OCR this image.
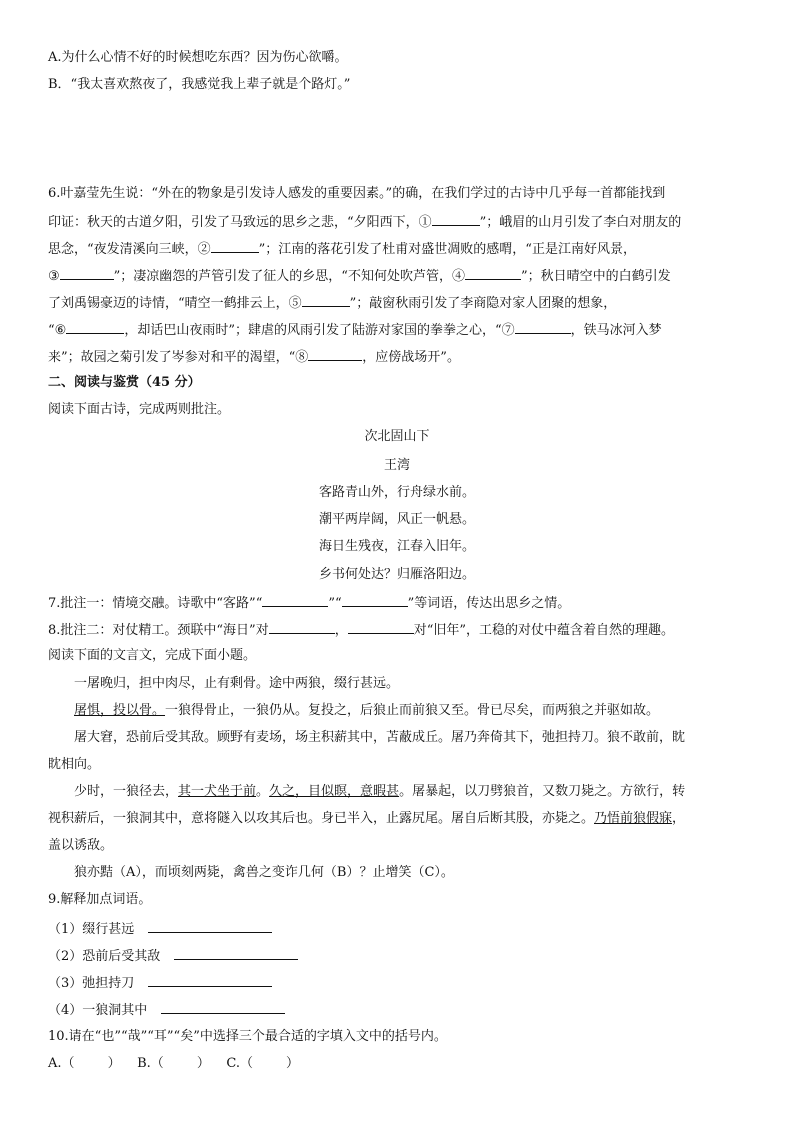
A.为什么心情不好的时候想吃东西？因为伤心欲嚼。
B．“我太喜欢熬夜了，我感觉我上辈子就是个路灯。”
6.叶嘉莹先生说：“外在的物象是引发诗人感发的重要因素。”的确，在我们学过的古诗中几乎每一首都能找到
印证：秋天的古道夕阳，引发了马致远的思乡之悲，“夕阳西下，①	”；峨眉的山月引发了李白对朋友的
思念，“夜发清溪向三峡，②	”；江南的落花引发了杜甫对盛世凋败的感喟，“正是江南好风景，
③	”；凄凉幽怨的芦管引发了征人的乡思，“不知何处吹芦管，④	”；秋日晴空中的白鹤引发
了刘禹锡豪迈的诗情，“晴空一鹤排云上，⑤	”；敲窗秋雨引发了李商隐对家人团聚的想象，
“⑥	，却话巴山夜雨时”；肆虐的风雨引发了陆游对家国的拳拳之心，“⑦	，铁马冰河入梦
来”；故园之菊引发了岑参对和平的渴望，“⑧	，应傍战场开”。
二、阅读与鉴赏（45 分）
阅读下面古诗，完成两则批注。
次北固山下
王湾
客路青山外，行舟绿水前。
潮平两岸阔，风正一帆悬。
海日生残夜，江春入旧年。
乡书何处达？归雁洛阳边。
7.批注一：情境交融。诗歌中“客路”“	”“	”等词语，传达出思乡之情。
8.批注二：对仗精工。颈联中“海日”对	，	对“旧年”，工稳的对仗中蕴含着自然的理趣。
阅读下面的文言文，完成下面小题。
一屠晚归，担中肉尽，止有剩骨。途中两狼，缀行甚远。
屠惧，投以骨。一狼得骨止，一狼仍从。复投之，后狼止而前狼又至。骨已尽矣，而两狼之并驱如故。
屠大窘，恐前后受其敌。顾野有麦场，场主积薪其中，苫蔽成丘。屠乃奔倚其下，弛担持刀。狼不敢前，眈
眈相向。
少时，一狼径去，其一犬坐于前。久之，目似瞑，意暇甚。屠暴起，以刀劈狼首，又数刀毙之。方欲行，转
视积薪后，一狼洞其中，意将隧入以攻其后也。身已半入，止露尻尾。屠自后断其股，亦毙之。乃悟前狼假寐，
盖以诱敌。
狼亦黠（A），而顷刻两毙，禽兽之变诈几何（B）？止增笑（C）。
9.解释加点词语。
（1）缀行甚远
（2）恐前后受其敌
（3）弛担持刀
（4）一狼洞其中
10.请在“也”“哉”“耳”“矣”中选择三个最合适的字填入文中的括号内。
A.（        ）    B.（        ）    C.（        ）
